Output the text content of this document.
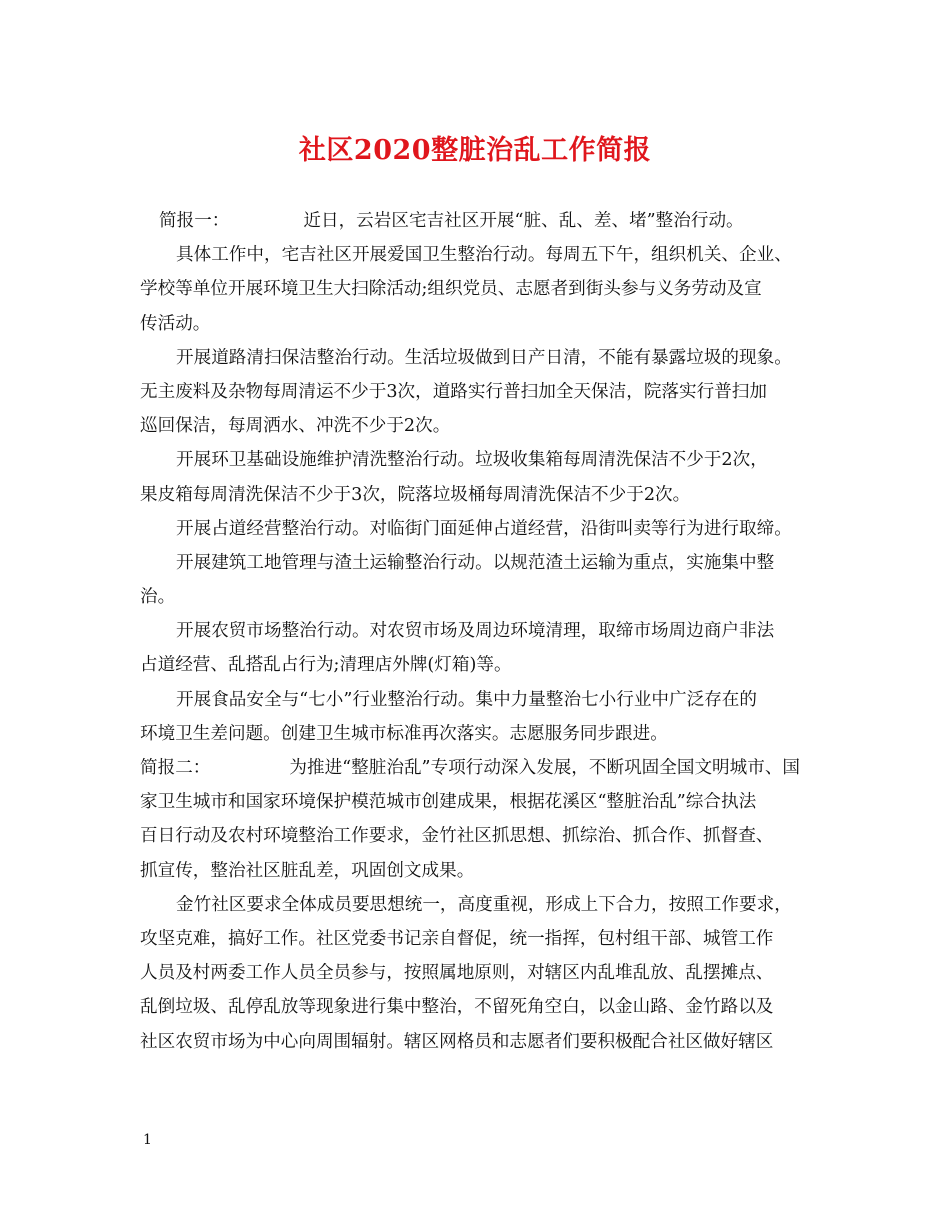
社区2020整脏治乱工作简报
简报一：	近日，云岩区宅吉社区开展“脏、乱、差、堵”整治行动。
具体工作中，宅吉社区开展爱国卫生整治行动。每周五下午，组织机关、企业、
学校等单位开展环境卫生大扫除活动;组织党员、志愿者到街头参与义务劳动及宣
传活动。
开展道路清扫保洁整治行动。生活垃圾做到日产日清，不能有暴露垃圾的现象。
无主废料及杂物每周清运不少于3次，道路实行普扫加全天保洁，院落实行普扫加
巡回保洁，每周洒水、冲洗不少于2次。
开展环卫基础设施维护清洗整治行动。垃圾收集箱每周清洗保洁不少于2次，
果皮箱每周清洗保洁不少于3次，院落垃圾桶每周清洗保洁不少于2次。
开展占道经营整治行动。对临街门面延伸占道经营，沿街叫卖等行为进行取缔。
开展建筑工地管理与渣土运输整治行动。以规范渣土运输为重点，实施集中整
治。
开展农贸市场整治行动。对农贸市场及周边环境清理，取缔市场周边商户非法
占道经营、乱搭乱占行为;清理店外牌(灯箱)等。
开展食品安全与“七小”行业整治行动。集中力量整治七小行业中广泛存在的
环境卫生差问题。创建卫生城市标准再次落实。志愿服务同步跟进。
简报二：	为推进“整脏治乱”专项行动深入发展，不断巩固全国文明城市、国
家卫生城市和国家环境保护模范城市创建成果，根据花溪区“整脏治乱”综合执法
百日行动及农村环境整治工作要求，金竹社区抓思想、抓综治、抓合作、抓督查、
抓宣传，整治社区脏乱差，巩固创文成果。
金竹社区要求全体成员要思想统一，高度重视，形成上下合力，按照工作要求，
攻坚克难，搞好工作。社区党委书记亲自督促，统一指挥，包村组干部、城管工作
人员及村两委工作人员全员参与，按照属地原则，对辖区内乱堆乱放、乱摆摊点、
乱倒垃圾、乱停乱放等现象进行集中整治，不留死角空白，以金山路、金竹路以及
社区农贸市场为中心向周围辐射。辖区网格员和志愿者们要积极配合社区做好辖区
1
